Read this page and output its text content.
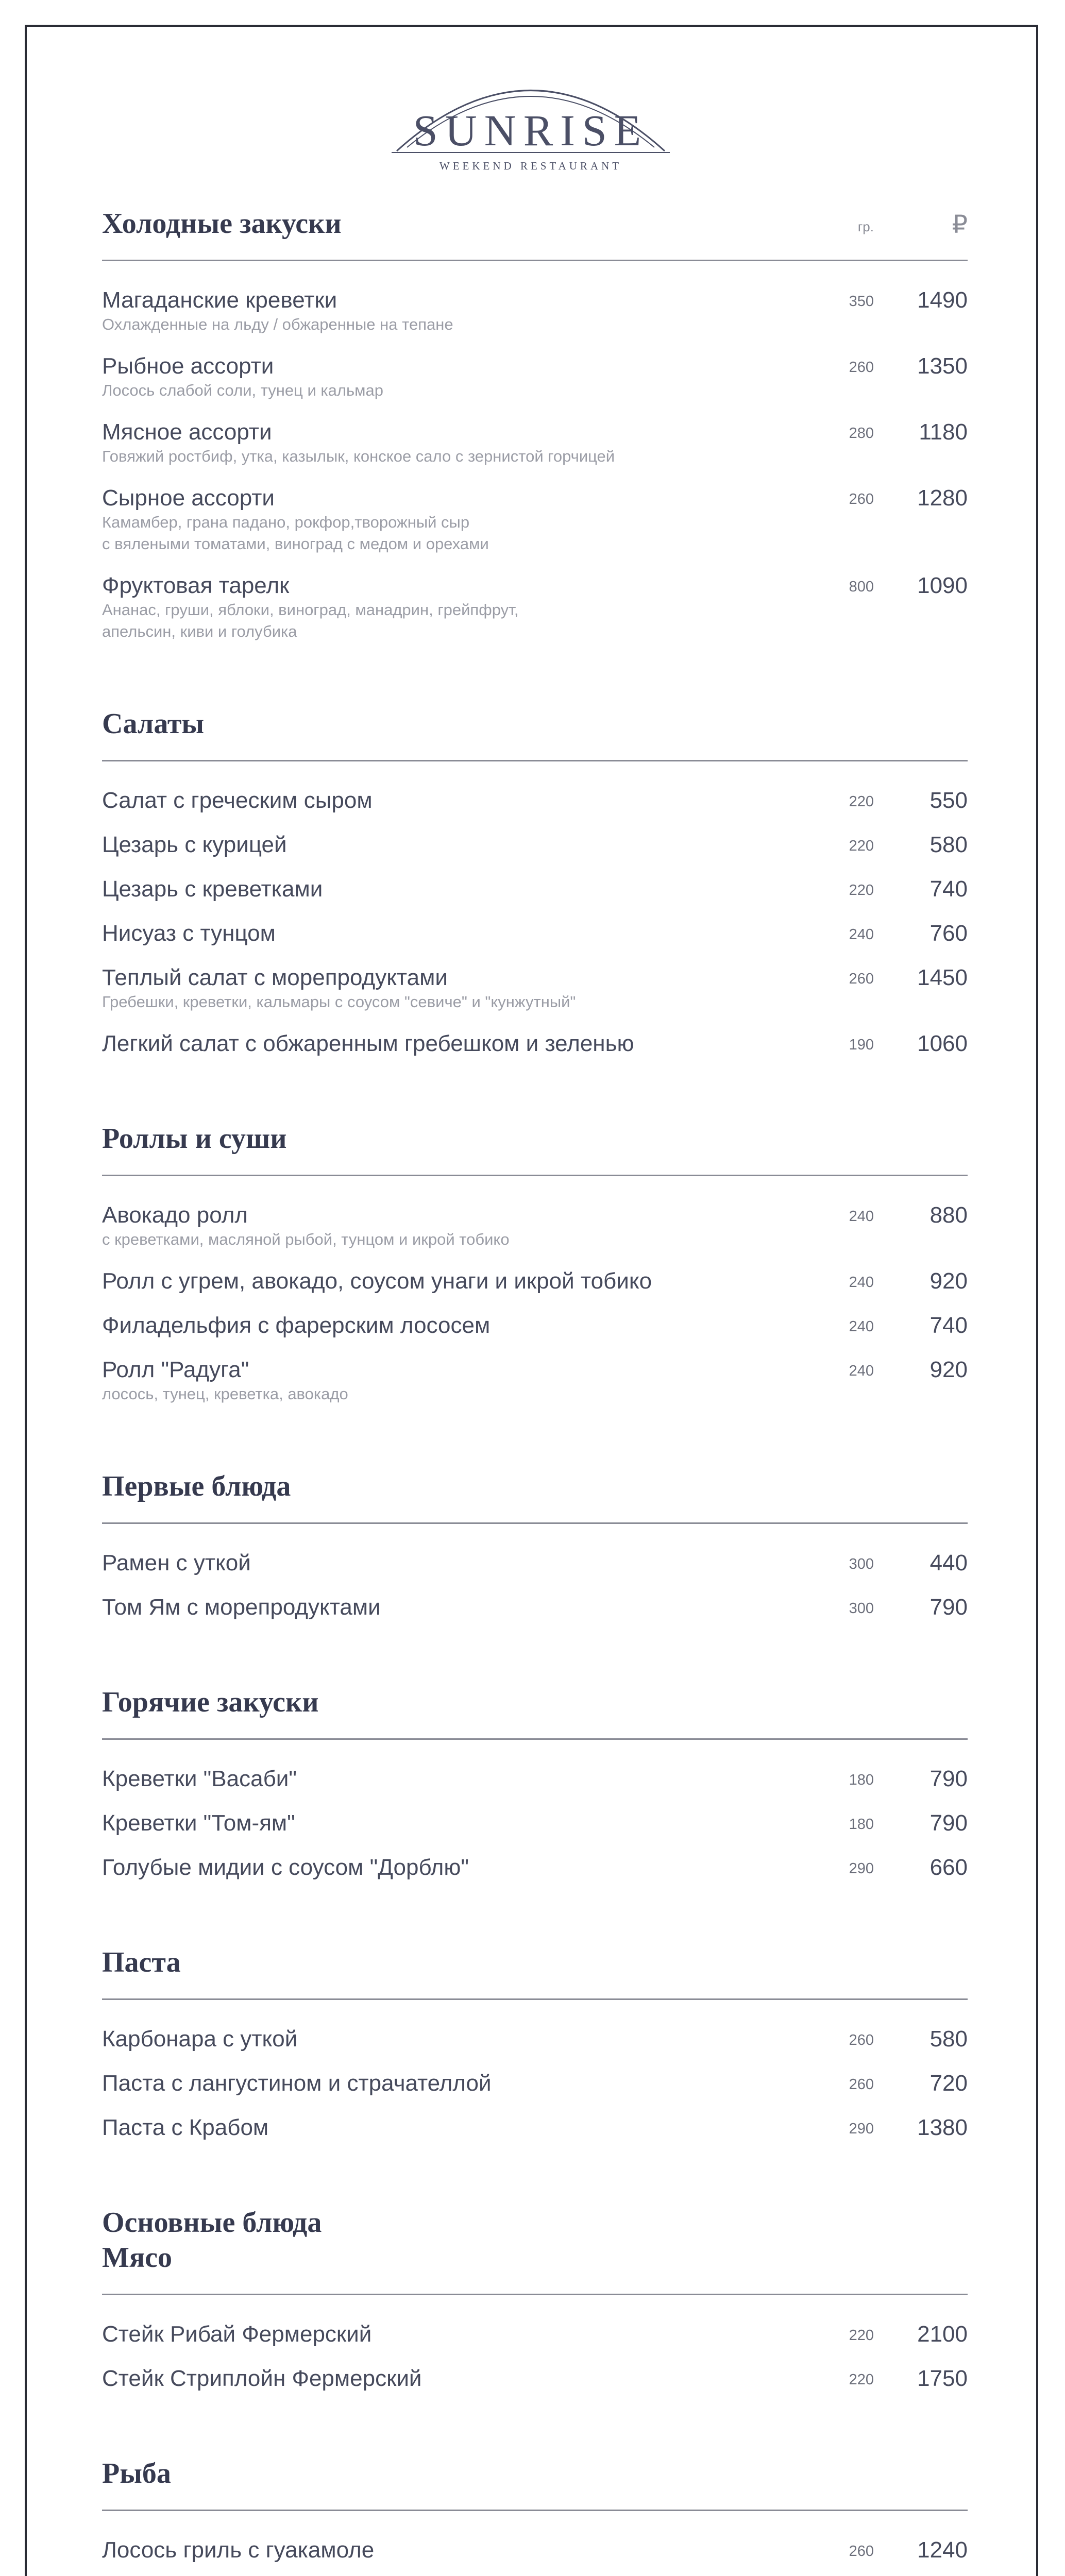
SUNRISE
WEEKEND RESTAURANT
Холодные закуски	гр.	₽
Магаданские креветки
Охлажденные на льду / обжаренные на тепане
350 1490
Рыбное ассорти
Лосось слабой соли, тунец и кальмар
260 1350
Мясное ассорти
Говяжий ростбиф, утка, казылык, конское сало с зернистой горчицей
280 1180
Сырное ассорти
Камамбер, грана падано, рокфор,творожный сыр
с вялеными томатами, виноград с медом и орехами
260 1280
Фруктовая тарелк
Ананас, груши, яблоки, виноград, манадрин, грейпфрут,
апельсин, киви и голубика
800 1090
Салаты
Салат с греческим сыром	220 550
Цезарь с курицей	220 580
Цезарь с креветками	220 740
Нисуаз с тунцом	240 760
Теплый салат с морепродуктами
Гребешки, креветки, кальмары с соусом "севиче" и "кунжутный"
260 1450
Легкий салат с обжаренным гребешком и зеленью	190 1060
Роллы и суши
Авокадо ролл
с креветками, масляной рыбой, тунцом и икрой тобико
240 880
Ролл с угрем, авокадо, соусом унаги и икрой тобико	240 920
Филадельфия с фарерским лососем	240 740
Ролл "Радуга"
лосось, тунец, креветка, авокадо
240 920
Первые блюда
Рамен с уткой	300 440
Том Ям с морепродуктами	300 790
Горячие закуски
Креветки "Васаби"	180 790
Креветки "Том-ям"	180 790
Голубые мидии с соусом "Дорблю"	290 660
Паста
Карбонара с уткой	260 580
Паста с лангустином и страчателлой	260 720
Паста с Крабом	290 1380
Основные блюда
Мясо
Стейк Рибай Фермерский	220 2100
Стейк Стриплойн Фермерский	220 1750
Рыба
Лосось гриль с гуакамоле	260 1240
